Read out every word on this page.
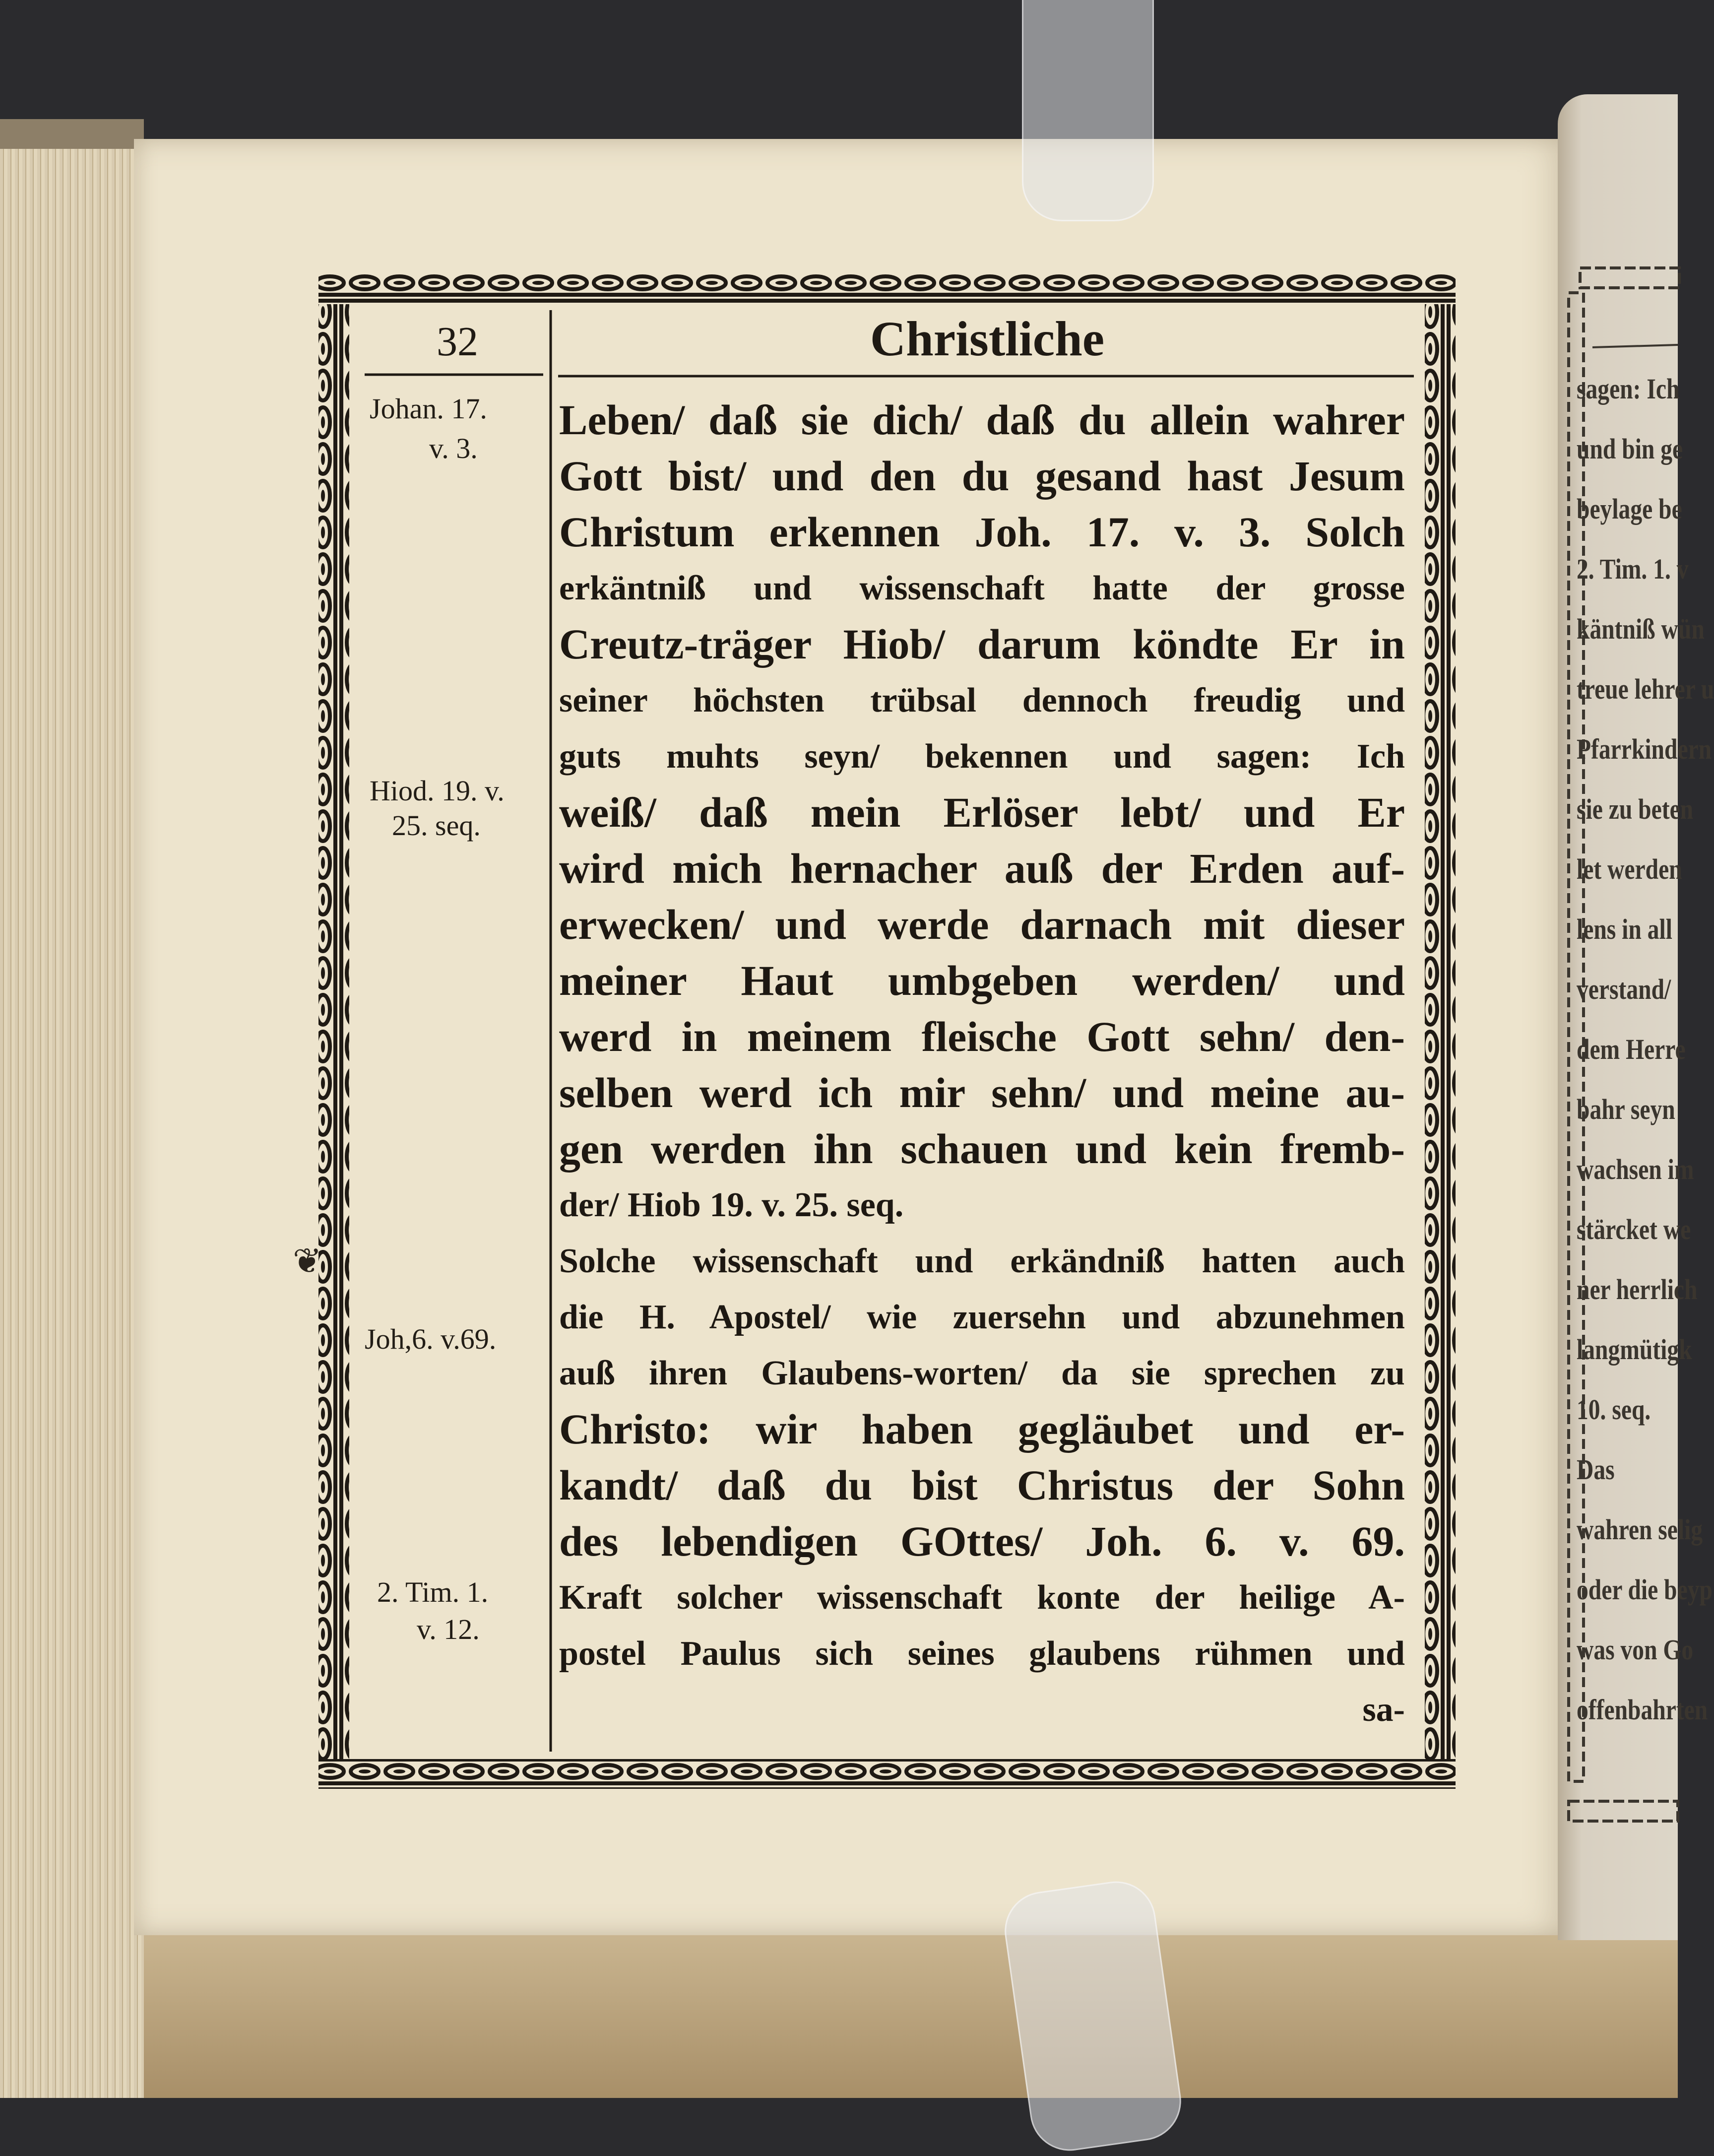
32	Christliche
Johan. 17.
v. 3.
Hiod. 19. v.
25. seq.
Joh,6. v.69.
2. Tim. 1.
v. 12.
❦
Leben/ daß sie dich/ daß du allein wahrer
Gott bist/ und den du gesand hast Jesum
Christum erkennen Joh. 17. v. 3. Solch
erkäntniß und wissenschaft hatte der grosse
Creutz-träger Hiob/ darum köndte Er in
seiner höchsten trübsal dennoch freudig und
guts muhts seyn/ bekennen und sagen: Ich
weiß/ daß mein Erlöser lebt/ und Er
wird mich hernacher auß der Erden auf-
erwecken/ und werde darnach mit dieser
meiner Haut umbgeben werden/ und
werd in meinem fleische Gott sehn/ den-
selben werd ich mir sehn/ und meine au-
gen werden ihn schauen und kein fremb-
der/ Hiob 19. v. 25. seq.
Solche wissenschaft und erkändniß hatten auch
die H. Apostel/ wie zuersehn und abzunehmen
auß ihren Glaubens-worten/ da sie sprechen zu
Christo: wir haben gegläubet und er-
kandt/ daß du bist Christus der Sohn
des lebendigen GOttes/ Joh. 6. v. 69.
Kraft solcher wissenschaft konte der heilige A-
postel Paulus sich seines glaubens rühmen und
sa-
sagen: Ich
und bin ge
beylage be
2. Tim. 1. v
käntniß wün
treue lehrer u
Pfarrkindern
sie zu beten
let werden
lens in all
verstand/
dem Herre
bahr seyn
wachsen im
stärcket we
ner herrlich
langmütigk
10. seq.
Das
wahren selig
oder die beyp
was von Go
offenbahrten
